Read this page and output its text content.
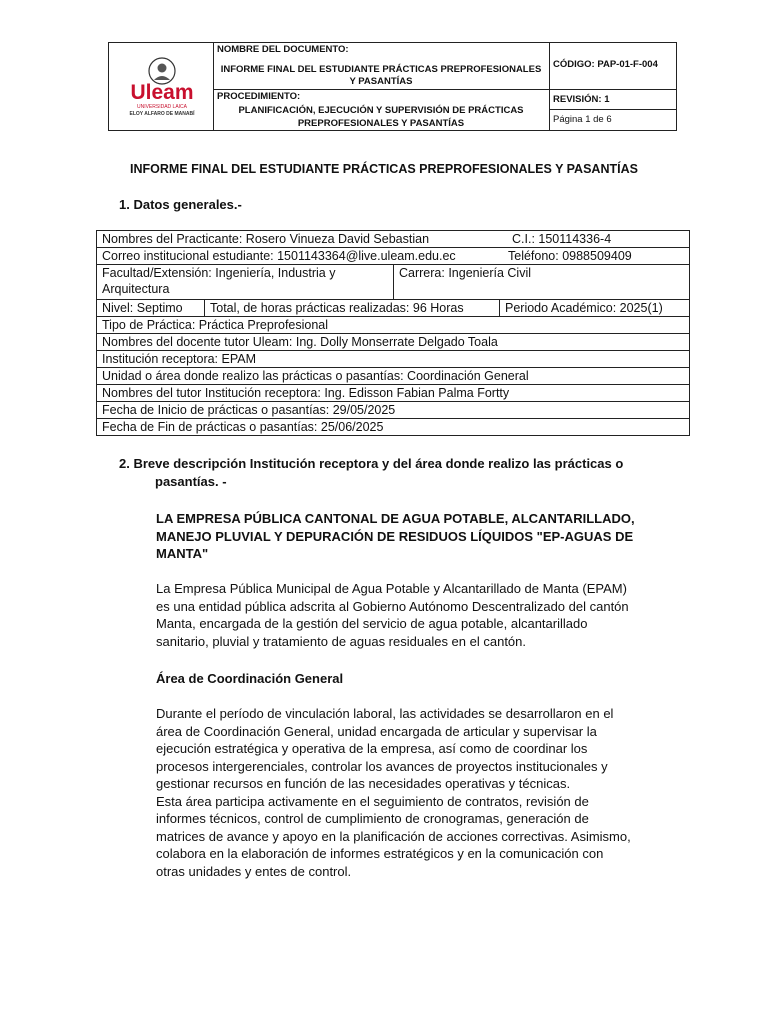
Uleam
UNIVERSIDAD LAICA
ELOY ALFARO DE MANABÍ
NOMBRE DEL DOCUMENTO:
INFORME FINAL DEL ESTUDIANTE PRÁCTICAS PREPROFESIONALES
Y PASANTÍAS
PROCEDIMIENTO:
PLANIFICACIÓN, EJECUCIÓN Y SUPERVISIÓN DE PRÁCTICAS
PREPROFESIONALES Y PASANTÍAS
CÓDIGO: PAP-01-F-004
REVISIÓN: 1
Página 1 de 6
INFORME FINAL DEL ESTUDIANTE PRÁCTICAS PREPROFESIONALES Y PASANTÍAS
1. Datos generales.-
Nombres del Practicante: Rosero Vinueza David Sebastian	C.I.: 150114336-4
Correo institucional estudiante: 1501143364@live.uleam.edu.ec	Teléfono: 0988509409
Facultad/Extensión: Ingeniería, Industria y
Arquitectura
Carrera: Ingeniería Civil
Nivel: Septimo	Total, de horas prácticas realizadas: 96 Horas	Periodo Académico: 2025(1)
Tipo de Práctica: Práctica Preprofesional
Nombres del docente tutor Uleam: Ing. Dolly Monserrate Delgado Toala
Institución receptora: EPAM
Unidad o área donde realizo las prácticas o pasantías: Coordinación General
Nombres del tutor Institución receptora: Ing. Edisson Fabian Palma Fortty
Fecha de Inicio de prácticas o pasantías: 29/05/2025
Fecha de Fin de prácticas o pasantías: 25/06/2025
2. Breve descripción Institución receptora y del área donde realizo las prácticas o
pasantías. -
LA EMPRESA PÚBLICA CANTONAL DE AGUA POTABLE, ALCANTARILLADO,
MANEJO PLUVIAL Y DEPURACIÓN DE RESIDUOS LÍQUIDOS "EP-AGUAS DE
MANTA"
La Empresa Pública Municipal de Agua Potable y Alcantarillado de Manta (EPAM)
es una entidad pública adscrita al Gobierno Autónomo Descentralizado del cantón
Manta, encargada de la gestión del servicio de agua potable, alcantarillado
sanitario, pluvial y tratamiento de aguas residuales en el cantón.
Área de Coordinación General
Durante el período de vinculación laboral, las actividades se desarrollaron en el
área de Coordinación General, unidad encargada de articular y supervisar la
ejecución estratégica y operativa de la empresa, así como de coordinar los
procesos intergerenciales, controlar los avances de proyectos institucionales y
gestionar recursos en función de las necesidades operativas y técnicas.
Esta área participa activamente en el seguimiento de contratos, revisión de
informes técnicos, control de cumplimiento de cronogramas, generación de
matrices de avance y apoyo en la planificación de acciones correctivas. Asimismo,
colabora en la elaboración de informes estratégicos y en la comunicación con
otras unidades y entes de control.
